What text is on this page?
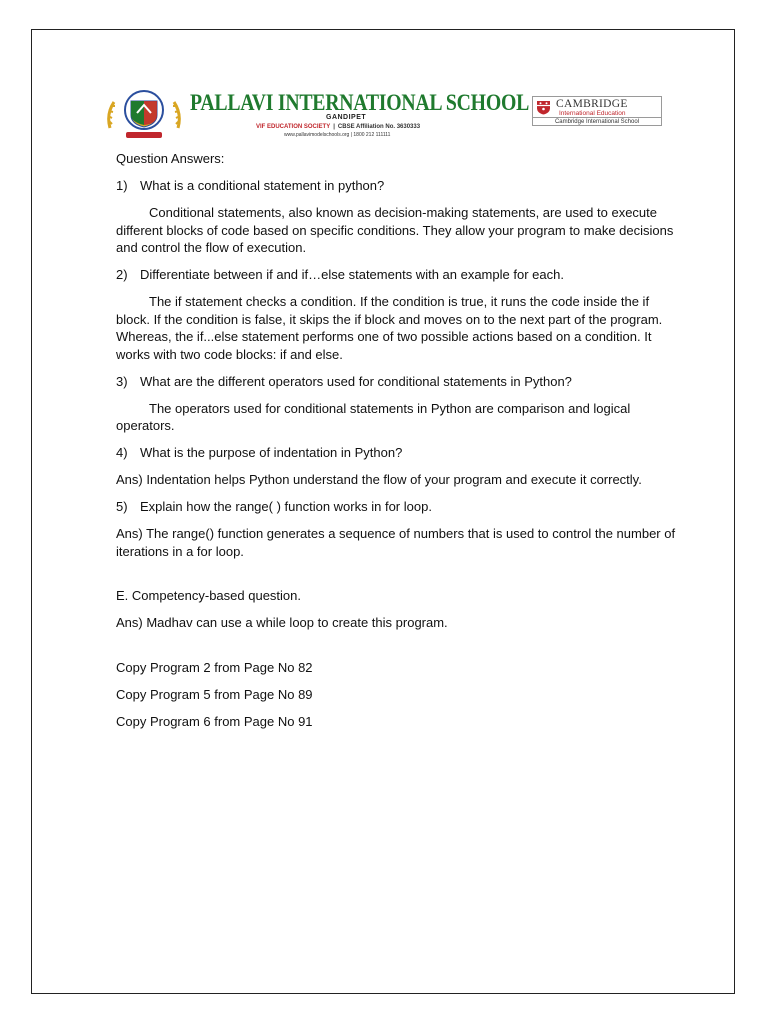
PALLAVI INTERNATIONAL SCHOOL
GANDIPET
VIF EDUCATION SOCIETY | CBSE Affiliation No. 3630333
www.pallavimodelschools.org | 1800 212 111111
CAMBRIDGE
International Education
Cambridge International School

Question Answers:

1) What is a conditional statement in python?

Conditional statements, also known as decision-making statements, are used to execute different blocks of code based on specific conditions. They allow your program to make decisions and control the flow of execution.

2) Differentiate between if and if…else statements with an example for each.

The if statement checks a condition. If the condition is true, it runs the code inside the if block. If the condition is false, it skips the if block and moves on to the next part of the program. Whereas, the if...else statement performs one of two possible actions based on a condition. It works with two code blocks: if and else.

3) What are the different operators used for conditional statements in Python?

The operators used for conditional statements in Python are comparison and logical operators.

4) What is the purpose of indentation in Python?

Ans) Indentation helps Python understand the flow of your program and execute it correctly.

5) Explain how the range( ) function works in for loop.

Ans) The range() function generates a sequence of numbers that is used to control the number of iterations in a for loop.

E. Competency-based question.

Ans) Madhav can use a while loop to create this program.

Copy Program 2 from Page No 82

Copy Program 5 from Page No 89

Copy Program 6 from Page No 91
